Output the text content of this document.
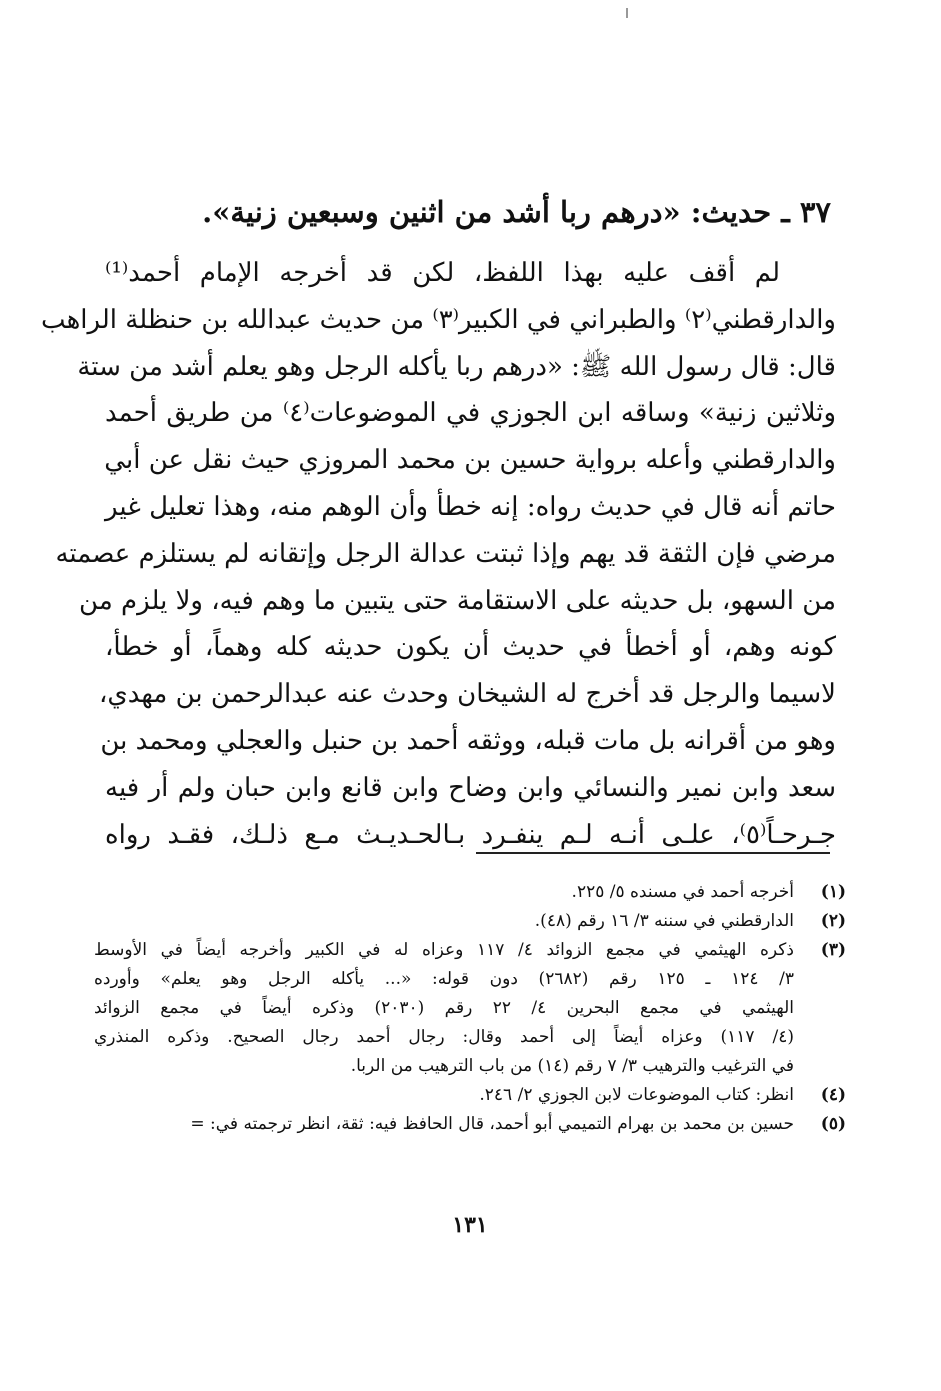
٣٧ ـ حديث: «درهم ربا أشد من اثنين وسبعين زنية».
لم أقف عليه بهذا اللفظ، لكن قد أخرجه الإمام أحمد⁽¹⁾
والدارقطني⁽٢⁾ والطبراني في الكبير⁽٣⁾ من حديث عبدالله بن حنظلة الراهب
قال: قال رسول الله ﷺ: «درهم ربا يأكله الرجل وهو يعلم أشد من ستة
وثلاثين زنية» وساقه ابن الجوزي في الموضوعات⁽٤⁾ من طريق أحمد
والدارقطني وأعله برواية حسين بن محمد المروزي حيث نقل عن أبي
حاتم أنه قال في حديث رواه: إنه خطأ وأن الوهم منه، وهذا تعليل غير
مرضي فإن الثقة قد يهم وإذا ثبتت عدالة الرجل وإتقانه لم يستلزم عصمته
من السهو، بل حديثه على الاستقامة حتى يتبين ما وهم فيه، ولا يلزم من
كونه وهم، أو أخطأ في حديث أن يكون حديثه كله وهماً، أو خطأ،
لاسيما والرجل قد أخرج له الشيخان وحدث عنه عبدالرحمن بن مهدي،
وهو من أقرانه بل مات قبله، ووثقه أحمد بن حنبل والعجلي ومحمد بن
سعد وابن نمير والنسائي وابن وضاح وابن قانع وابن حبان ولم أر فيه
جـرحـاً⁽٥⁾، علـى أنـه لـم ينفـرد بـالحـديـث مـع ذلـك، فقـد رواه
(١)
أخرجه أحمد في مسنده ٥/ ٢٢٥.
(٢)
الدارقطني في سننه ٣/ ١٦ رقم (٤٨).
(٣)
ذكره الهيثمي في مجمع الزوائد ٤/ ١١٧ وعزاه له في الكبير وأخرجه أيضاً في الأوسط
٣/ ١٢٤ ـ ١٢٥ رقم (٢٦٨٢) دون قوله: «... يأكله الرجل وهو يعلم» وأورده
الهيثمي في مجمع البحرين ٤/ ٢٢ رقم (٢٠٣٠) وذكره أيضاً في مجمع الزوائد
(٤/ ١١٧) وعزاه أيضاً إلى أحمد وقال: رجال أحمد رجال الصحيح. وذكره المنذري
في الترغيب والترهيب ٣/ ٧ رقم (١٤) من باب الترهيب من الربا.
(٤)
انظر: كتاب الموضوعات لابن الجوزي ٢/ ٢٤٦.
(٥)
حسين بن محمد بن بهرام التميمي أبو أحمد، قال الحافظ فيه: ثقة، انظر ترجمته في: =
١٣١
